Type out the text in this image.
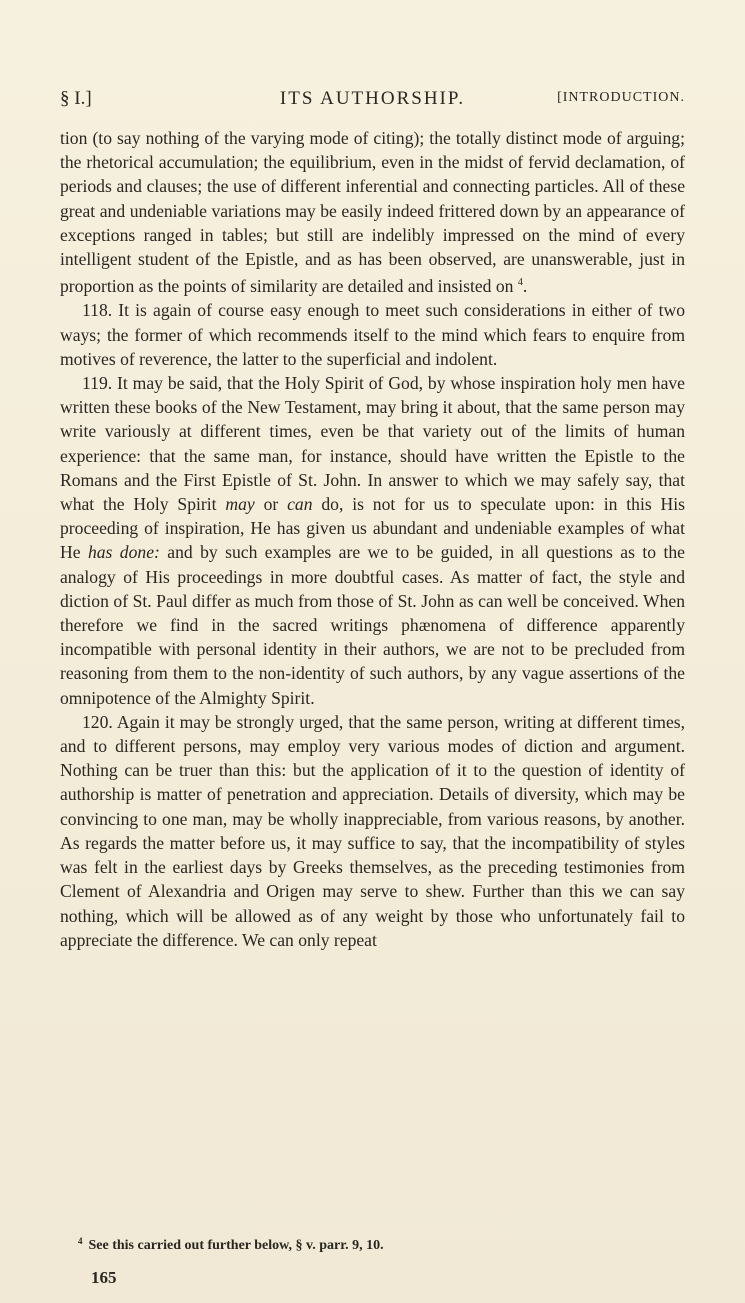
§ I.]	ITS AUTHORSHIP.	[INTRODUCTION.

tion (to say nothing of the varying mode of citing); the totally distinct mode of arguing; the rhetorical accumulation; the equilibrium, even in the midst of fervid declamation, of periods and clauses; the use of different inferential and connecting particles. All of these great and undeniable variations may be easily indeed frittered down by an appearance of exceptions ranged in tables; but still are indelibly impressed on the mind of every intelligent student of the Epistle, and as has been observed, are unanswerable, just in proportion as the points of similarity are detailed and insisted on $^4$.

118. It is again of course easy enough to meet such considerations in either of two ways; the former of which recommends itself to the mind which fears to enquire from motives of reverence, the latter to the superficial and indolent.

119. It may be said, that the Holy Spirit of God, by whose inspiration holy men have written these books of the New Testament, may bring it about, that the same person may write variously at different times, even be that variety out of the limits of human experience: that the same man, for instance, should have written the Epistle to the Romans and the First Epistle of St. John. In answer to which we may safely say, that what the Holy Spirit may or can do, is not for us to speculate upon: in this His proceeding of inspiration, He has given us abundant and undeniable examples of what He has done: and by such examples are we to be guided, in all questions as to the analogy of His proceedings in more doubtful cases. As matter of fact, the style and diction of St. Paul differ as much from those of St. John as can well be conceived. When therefore we find in the sacred writings phænomena of difference apparently incompatible with personal identity in their authors, we are not to be precluded from reasoning from them to the non-identity of such authors, by any vague assertions of the omnipotence of the Almighty Spirit.

120. Again it may be strongly urged, that the same person, writing at different times, and to different persons, may employ very various modes of diction and argument. Nothing can be truer than this: but the application of it to the question of identity of authorship is matter of penetration and appreciation. Details of diversity, which may be convincing to one man, may be wholly inappreciable, from various reasons, by another. As regards the matter before us, it may suffice to say, that the incompatibility of styles was felt in the earliest days by Greeks themselves, as the preceding testimonies from Clement of Alexandria and Origen may serve to shew. Further than this we can say nothing, which will be allowed as of any weight by those who unfortunately fail to appreciate the difference. We can only repeat

$^4$ See this carried out further below, § v. parr. 9, 10.
165
